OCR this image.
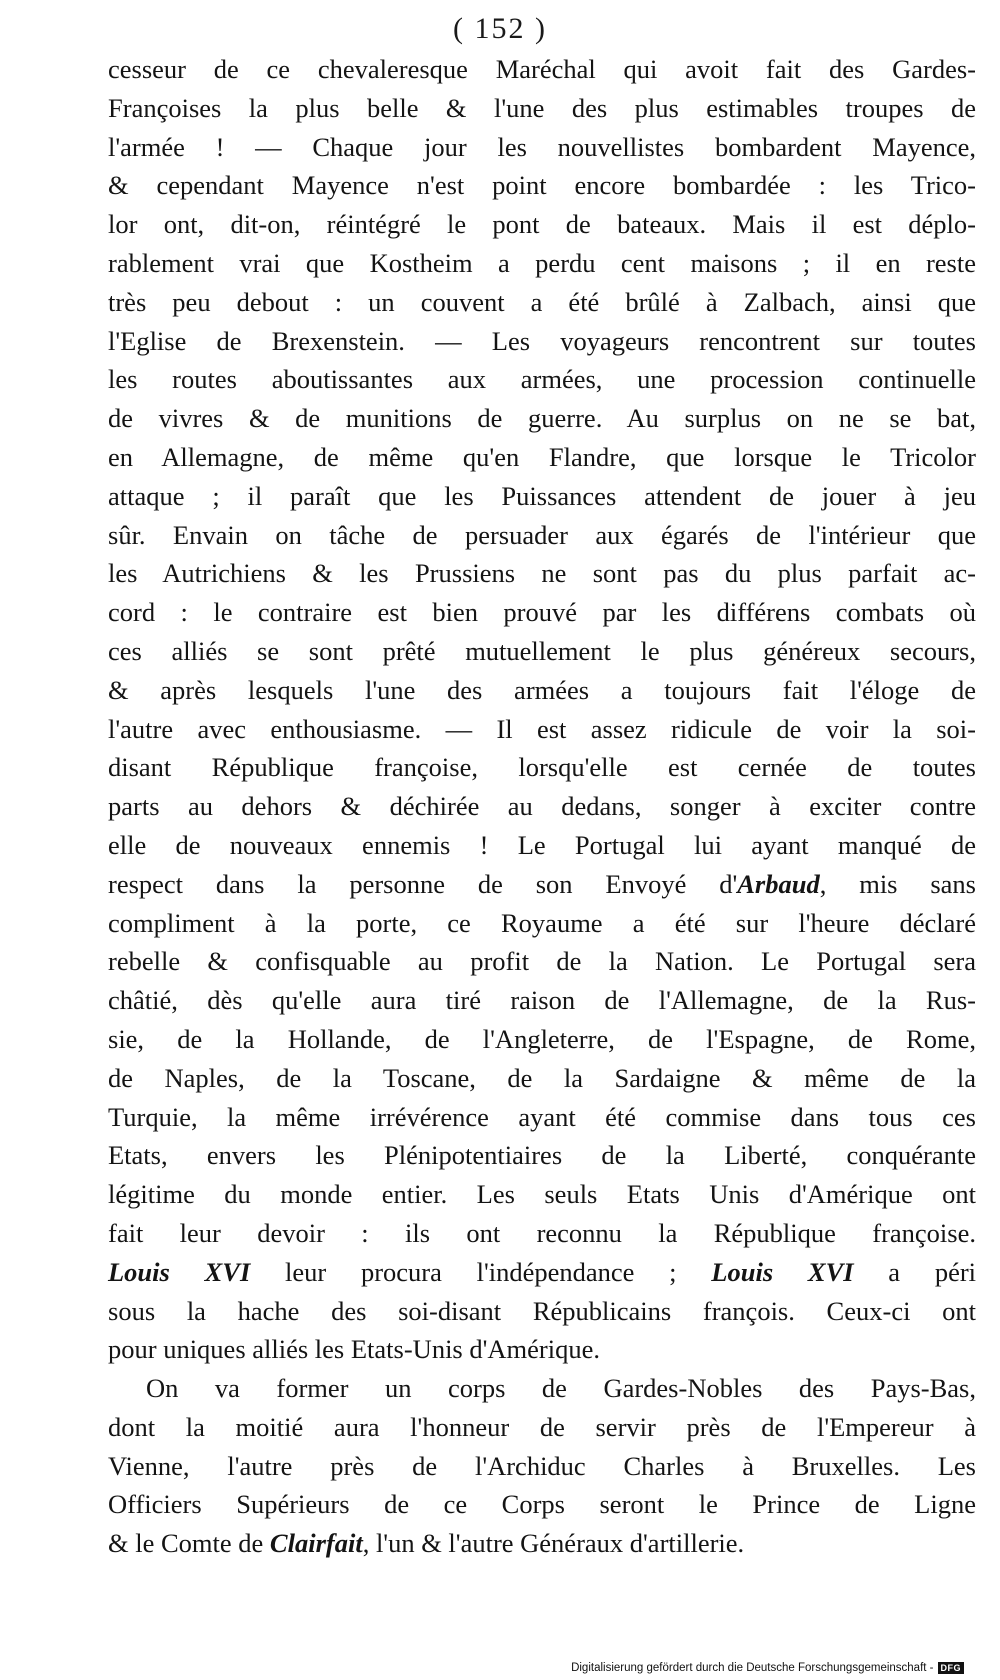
( 152 )
cesseur de ce chevaleresque Maréchal qui avoit fait des Gardes-
Françoises la plus belle & l'une des plus estimables troupes de
l'armée ! — Chaque jour les nouvellistes bombardent Mayence,
& cependant Mayence n'est point encore bombardée : les Trico-
lor ont, dit-on, réintégré le pont de bateaux. Mais il est déplo-
rablement vrai que Kostheim a perdu cent maisons ; il en reste
très peu debout : un couvent a été brûlé à Zalbach, ainsi que
l'Eglise de Brexenstein. — Les voyageurs rencontrent sur toutes
les routes aboutissantes aux armées, une procession continuelle
de vivres & de munitions de guerre. Au surplus on ne se bat,
en Allemagne, de même qu'en Flandre, que lorsque le Tricolor
attaque ; il paraît que les Puissances attendent de jouer à jeu
sûr. Envain on tâche de persuader aux égarés de l'intérieur que
les Autrichiens & les Prussiens ne sont pas du plus parfait ac-
cord : le contraire est bien prouvé par les différens combats où
ces alliés se sont prêté mutuellement le plus généreux secours,
& après lesquels l'une des armées a toujours fait l'éloge de
l'autre avec enthousiasme. — Il est assez ridicule de voir la soi-
disant République françoise, lorsqu'elle est cernée de toutes
parts au dehors & déchirée au dedans, songer à exciter contre
elle de nouveaux ennemis ! Le Portugal lui ayant manqué de
respect dans la personne de son Envoyé d'Arbaud, mis sans
compliment à la porte, ce Royaume a été sur l'heure déclaré
rebelle & confisquable au profit de la Nation. Le Portugal sera
châtié, dès qu'elle aura tiré raison de l'Allemagne, de la Rus-
sie, de la Hollande, de l'Angleterre, de l'Espagne, de Rome,
de Naples, de la Toscane, de la Sardaigne & même de la
Turquie, la même irrévérence ayant été commise dans tous ces
Etats, envers les Plénipotentiaires de la Liberté, conquérante
légitime du monde entier. Les seuls Etats Unis d'Amérique ont
fait leur devoir : ils ont reconnu la République françoise.
Louis XVI leur procura l'indépendance ; Louis XVI a péri
sous la hache des soi-disant Républicains françois. Ceux-ci ont
pour uniques alliés les Etats-Unis d'Amérique.
On va former un corps de Gardes-Nobles des Pays-Bas,
dont la moitié aura l'honneur de servir près de l'Empereur à
Vienne, l'autre près de l'Archiduc Charles à Bruxelles. Les
Officiers Supérieurs de ce Corps seront le Prince de Ligne
& le Comte de Clairfait, l'un & l'autre Généraux d'artillerie.
Digitalisierung gefördert durch die Deutsche Forschungsgemeinschaft - DFG
